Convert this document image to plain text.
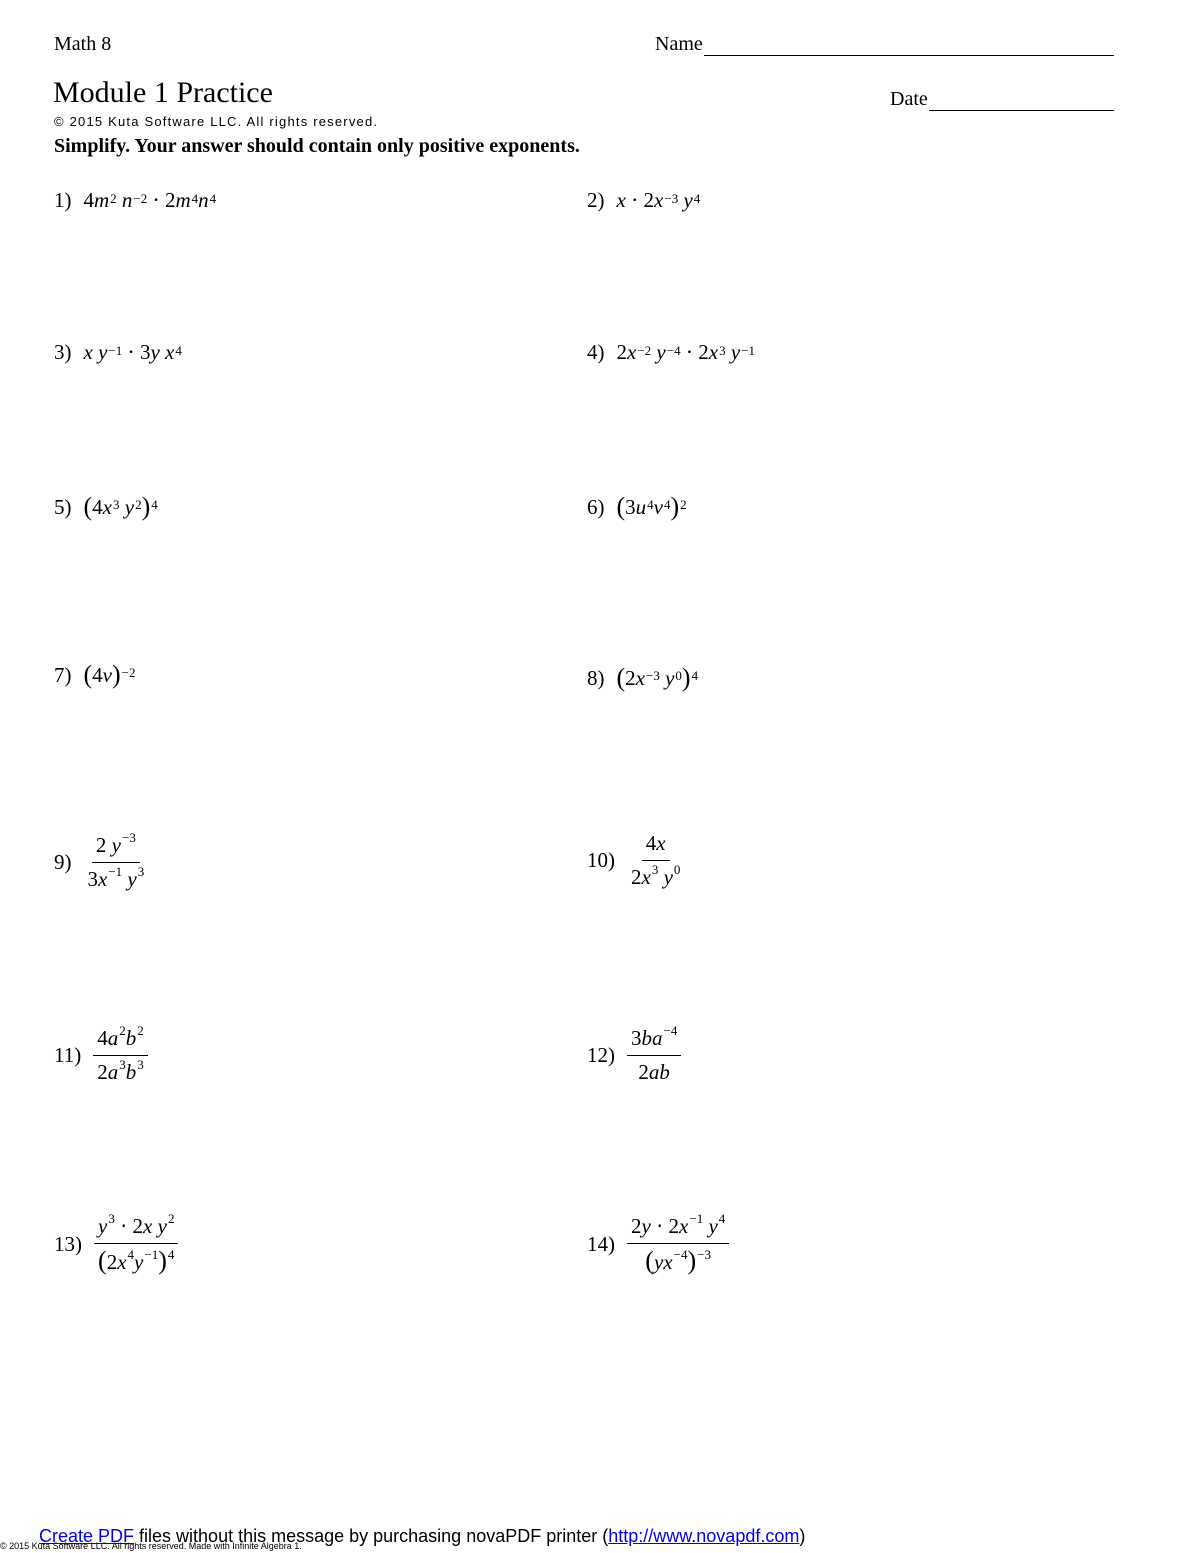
Math 8	Name
Module 1 Practice	Date
© 2015 Kuta Software LLC. All rights reserved.
Simplify. Your answer should contain only positive exponents.
1) 4 $m^2$ $n^{-2} \cdot 2$ $m^4$ $n^4$	2) x ⋅ 2 $x^{-3}$
$y^4$
3) x $y^{-1} \cdot 3$ y $x^4$	4) 2 $x^{-2}$
$y^{-4} \cdot 2$ $x^3$
$y^{-1}$
5) ( 4 $x^3$
$y^2$ )$^4$	6) ( 3 $u^4$ $v^4$ )$^2$
7) ( 4 v )$^{-2}$	8) ( 2 $x^{-3}$
$y^0$ )$^4$
$9) \frac{2 y^{-3}}{3x^{-1} y^3}$	$10) \frac{4x}{2x^3 y^0}$
$11) \frac{4a^2b^2}{2a^3b^3}$	$12) \frac{3ba^{-4}}{2ab}$
$13) \frac{y^3 \cdot 2x y^2}{(2x^4y^{-1})^4}$	$14) \frac{2y \cdot 2x^{-1} y^4}{(yx^{-4})^{-3}}$
© 2015 Kuta Software LLC. All rights reserved. Made with Infinite Algebra 1.
Create PDF files without this message by purchasing novaPDF printer (http://www.novapdf.com)
